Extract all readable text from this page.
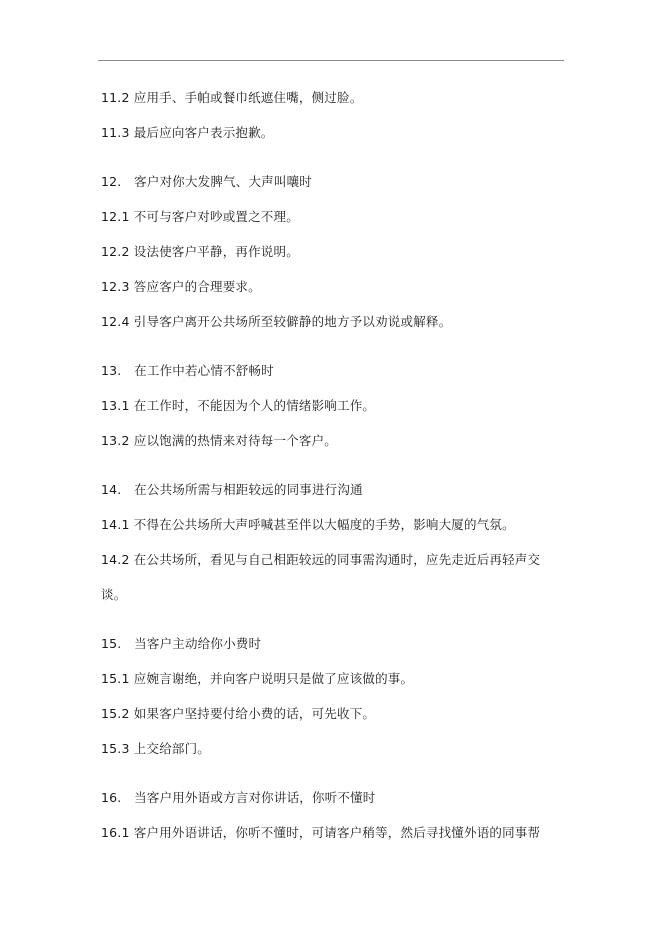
11.2 应用手、手帕或餐巾纸遮住嘴，侧过脸。
11.3 最后应向客户表示抱歉。
12.　客户对你大发脾气、大声叫嚷时
12.1 不可与客户对吵或置之不理。
12.2 设法使客户平静，再作说明。
12.3 答应客户的合理要求。
12.4 引导客户离开公共场所至较僻静的地方予以劝说或解释。
13.　在工作中若心情不舒畅时
13.1 在工作时，不能因为个人的情绪影响工作。
13.2 应以饱满的热情来对待每一个客户。
14.　在公共场所需与相距较远的同事进行沟通
14.1 不得在公共场所大声呼喊甚至伴以大幅度的手势，影响大厦的气氛。
14.2 在公共场所，看见与自己相距较远的同事需沟通时，应先走近后再轻声交
谈。
15.　当客户主动给你小费时
15.1 应婉言谢绝，并向客户说明只是做了应该做的事。
15.2 如果客户坚持要付给小费的话，可先收下。
15.3 上交给部门。
16.　当客户用外语或方言对你讲话，你听不懂时
16.1 客户用外语讲话，你听不懂时，可请客户稍等，然后寻找懂外语的同事帮
